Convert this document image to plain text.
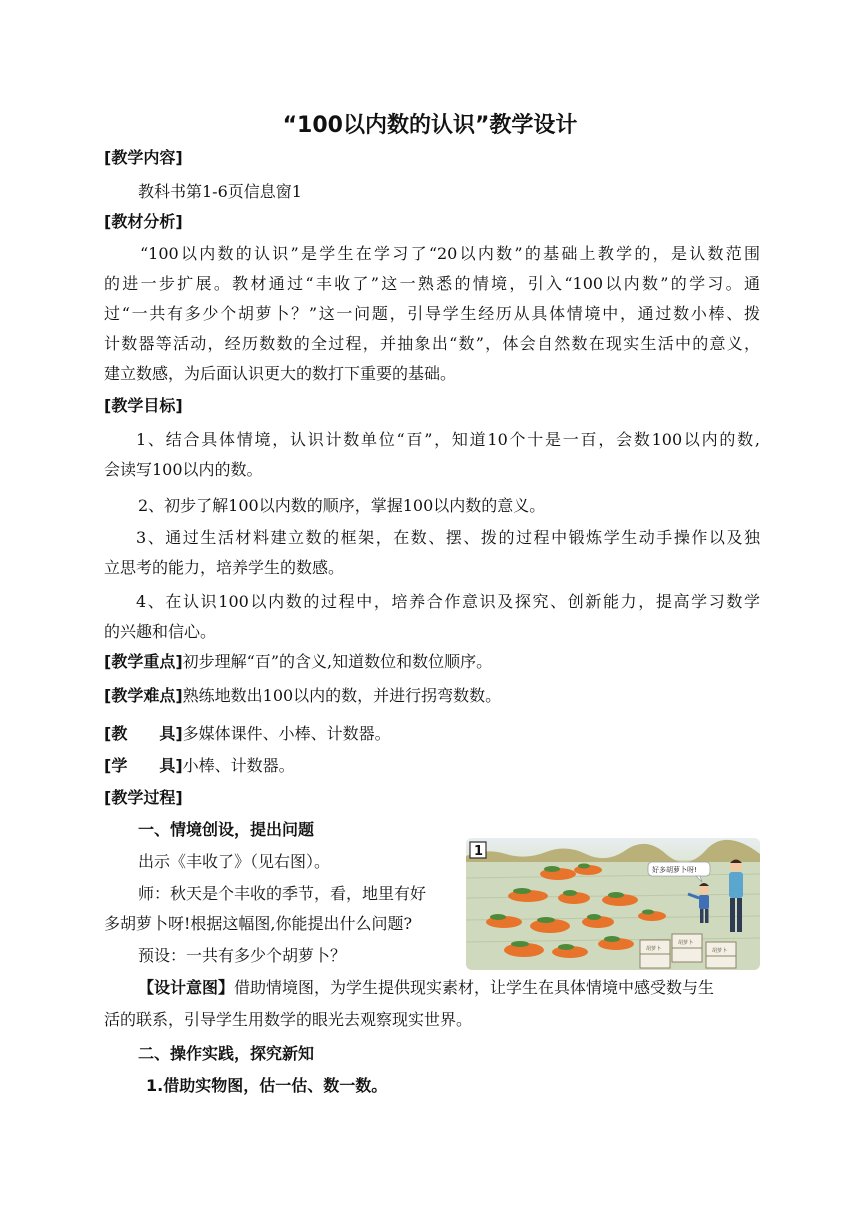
“100以内数的认识”教学设计
[教学内容]
教科书第1-6页信息窗1
[教材分析]
“100以内数的认识”是学生在学习了“20以内数”的基础上教学的，是认数范围
的进一步扩展。教材通过“丰收了”这一熟悉的情境，引入“100以内数”的学习。通
过“一共有多少个胡萝卜？”这一问题，引导学生经历从具体情境中，通过数小棒、拨
计数器等活动，经历数数的全过程，并抽象出“数”，体会自然数在现实生活中的意义，
建立数感，为后面认识更大的数打下重要的基础。
[教学目标]
1、结合具体情境，认识计数单位“百”，知道10个十是一百，会数100以内的数,
会读写100以内的数。
2、初步了解100以内数的顺序，掌握100以内数的意义。
3、通过生活材料建立数的框架，在数、摆、拨的过程中锻炼学生动手操作以及独
立思考的能力，培养学生的数感。
4、在认识100以内数的过程中，培养合作意识及探究、创新能力，提高学习数学
的兴趣和信心。
[教学重点]初步理解“百”的含义,知道数位和数位顺序。
[教学难点]熟练地数出100以内的数，并进行拐弯数数。
[教　　具]多媒体课件、小棒、计数器。
[学　　具]小棒、计数器。
[教学过程]
一、情境创设，提出问题
出示《丰收了》（见右图）。
师：秋天是个丰收的季节，看，地里有好
多胡萝卜呀!根据这幅图,你能提出什么问题?
预设：一共有多少个胡萝卜？
【设计意图】借助情境图，为学生提供现实素材，让学生在具体情境中感受数与生
活的联系，引导学生用数学的眼光去观察现实世界。
二、操作实践，探究新知
1.借助实物图，估一估、数一数。
胡萝卜
胡萝卜
胡萝卜
好多胡萝卜呀!
1
